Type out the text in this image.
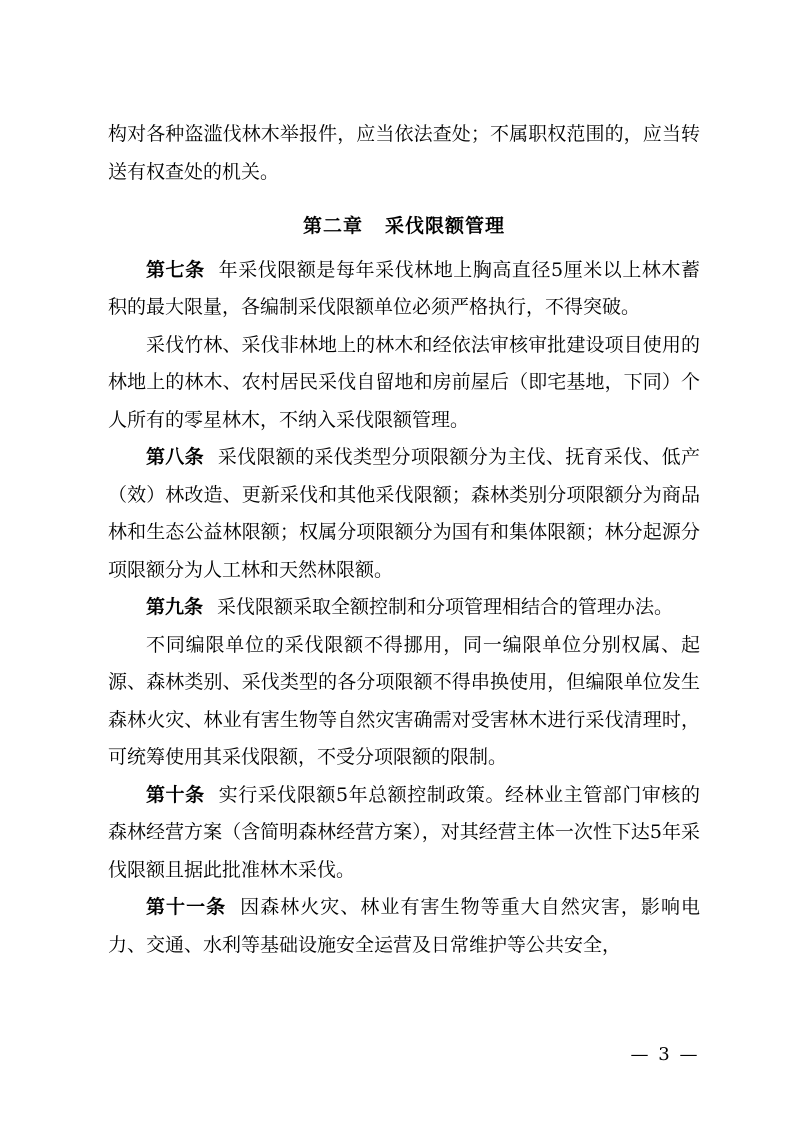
构对各种盗滥伐林木举报件，应当依法查处；不属职权范围的，应当转送有权查处的机关。

第二章 采伐限额管理

第七条 年采伐限额是每年采伐林地上胸高直径5厘米以上林木蓄积的最大限量，各编制采伐限额单位必须严格执行，不得突破。

采伐竹林、采伐非林地上的林木和经依法审核审批建设项目使用的林地上的林木、农村居民采伐自留地和房前屋后（即宅基地，下同）个人所有的零星林木，不纳入采伐限额管理。

第八条 采伐限额的采伐类型分项限额分为主伐、抚育采伐、低产（效）林改造、更新采伐和其他采伐限额；森林类别分项限额分为商品林和生态公益林限额；权属分项限额分为国有和集体限额；林分起源分项限额分为人工林和天然林限额。

第九条 采伐限额采取全额控制和分项管理相结合的管理办法。

不同编限单位的采伐限额不得挪用，同一编限单位分别权属、起源、森林类别、采伐类型的各分项限额不得串换使用，但编限单位发生森林火灾、林业有害生物等自然灾害确需对受害林木进行采伐清理时，可统筹使用其采伐限额，不受分项限额的限制。

第十条 实行采伐限额5年总额控制政策。经林业主管部门审核的森林经营方案（含简明森林经营方案），对其经营主体一次性下达5年采伐限额且据此批准林木采伐。

第十一条 因森林火灾、林业有害生物等重大自然灾害，影响电力、交通、水利等基础设施安全运营及日常维护等公共安全，

— 3 —
